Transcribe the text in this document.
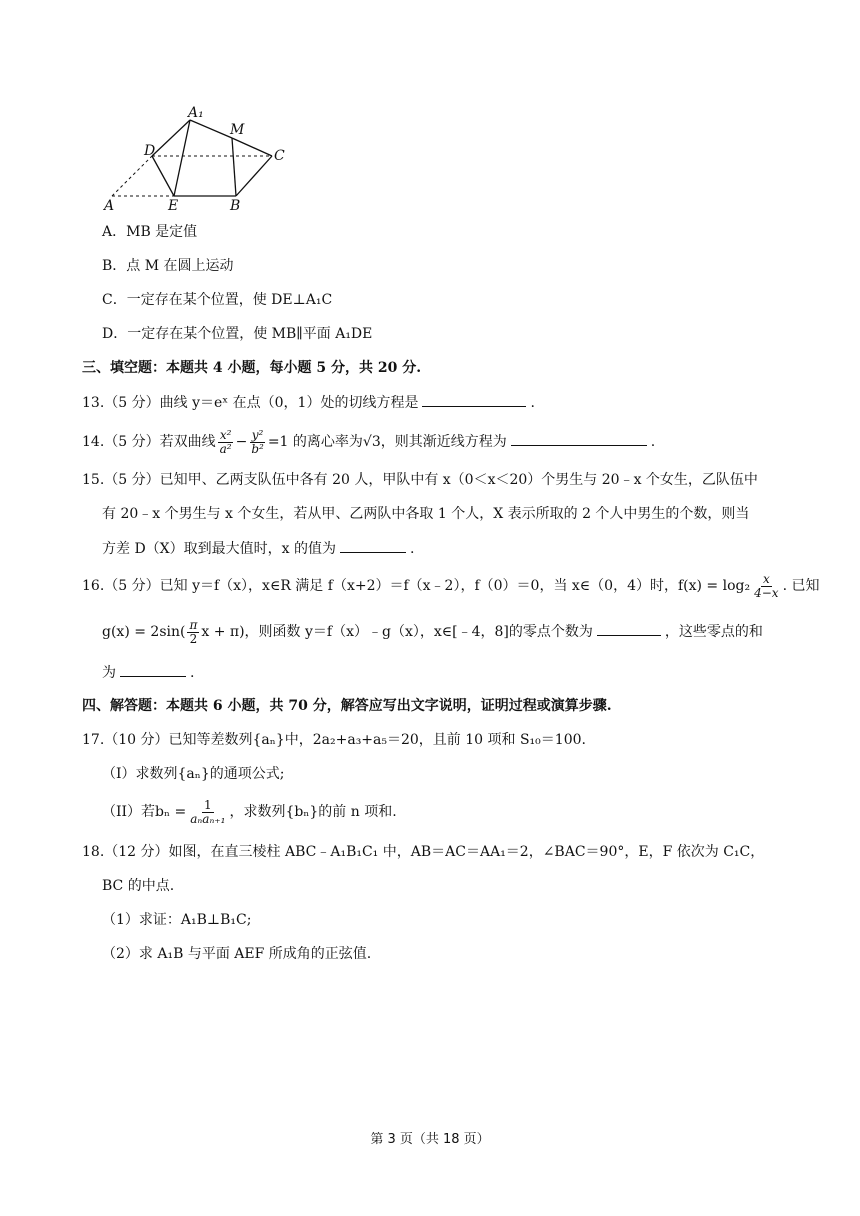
A₁
M
D	C
A	E	B
A．MB 是定值
B．点 M 在圆上运动
C．一定存在某个位置，使 DE⊥A₁C
D．一定存在某个位置，使 MB∥平面 A₁DE
三、填空题：本题共 4 小题，每小题 5 分，共 20 分.
13.（5 分）曲线 y＝eˣ 在点（0，1）处的切线方程是	.
14.（5 分）若双曲线 $\frac{\text{x²}}{\text{a²}} - \frac{\text{y²}}{\text{b²}} =1$ 的离心率为√3，则其渐近线方程为	.
15.（5 分）已知甲、乙两支队伍中各有 20 人，甲队中有 x（0＜x＜20）个男生与 20﹣x 个女生，乙队伍中
有 20﹣x 个男生与 x 个女生，若从甲、乙两队中各取 1 个人，X 表示所取的 2 个人中男生的个数，则当
方差 D（X）取到最大值时，x 的值为	.
16.（5 分）已知 y＝f（x），x∈R 满足 f（x+2）＝f（x﹣2），f（0）＝0，当 x∈（0，4）时，$f(x) = \log_2 \frac{x}{4-x}$ . 已知
$g(x) = 2\sin( \frac{\pi}{2}$ x + π)，则函数 y＝f（x）﹣g（x），x∈[﹣4，8]的零点个数为	，这些零点的和
为	.
四、解答题：本题共 6 小题，共 70 分，解答应写出文字说明，证明过程或演算步骤.
17.（10 分）已知等差数列{aₙ}中，2a₂+a₃+a₅＝20，且前 10 项和 S₁₀＝100.
（I）求数列{aₙ}的通项公式;
（II）若$b_n = \frac{1}{\text{aₙaₙ₊₁}}$ ，求数列{bₙ}的前 n 项和.
18.（12 分）如图，在直三棱柱 ABC﹣A₁B₁C₁ 中，AB＝AC＝AA₁＝2，∠BAC＝90°，E，F 依次为 C₁C，
BC 的中点.
（1）求证：A₁B⊥B₁C;
（2）求 A₁B 与平面 AEF 所成角的正弦值.
第 3 页（共 18 页）
